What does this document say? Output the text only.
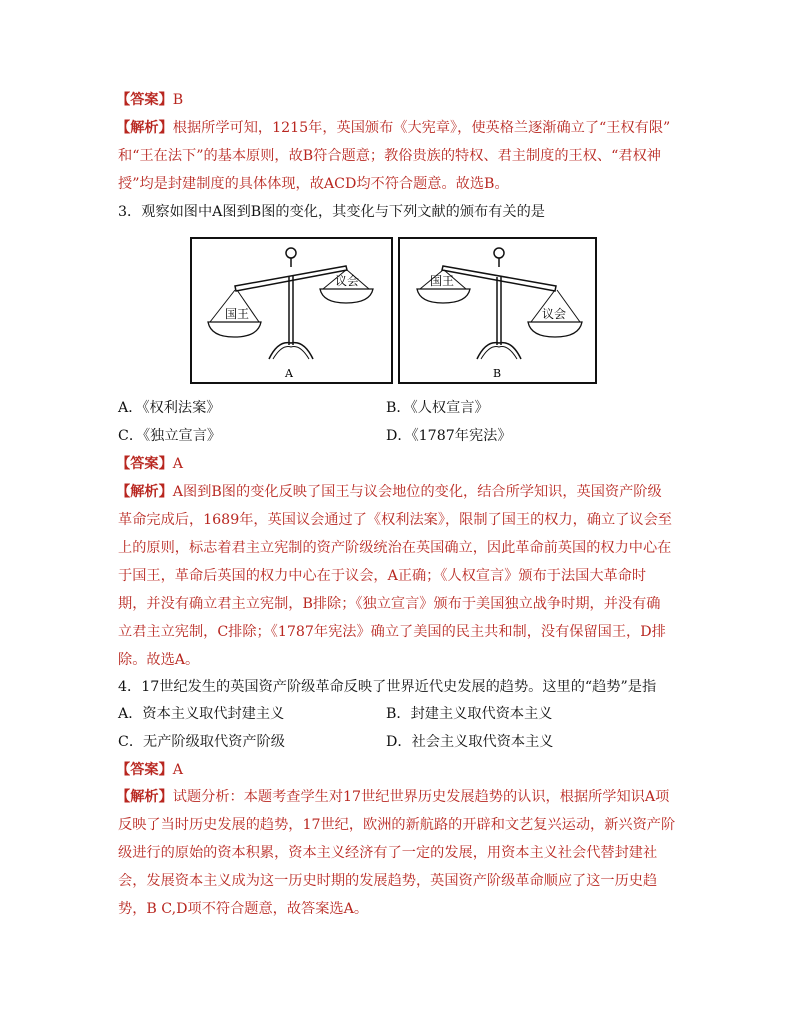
【答案】B
【解析】根据所学可知，1215年，英国颁布《大宪章》，使英格兰逐渐确立了“王权有限”
和“王在法下”的基本原则，故B符合题意；教俗贵族的特权、君主制度的王权、“君权神
授”均是封建制度的具体体现，故ACD均不符合题意。故选B。
3．观察如图中A图到B图的变化，其变化与下列文献的颁布有关的是
国王
议会
A
国王
议会
B
A．《权利法案》	B．《人权宣言》
C．《独立宣言》	D．《1787年宪法》
【答案】A
【解析】A图到B图的变化反映了国王与议会地位的变化，结合所学知识，英国资产阶级
革命完成后，1689年，英国议会通过了《权利法案》，限制了国王的权力，确立了议会至
上的原则，标志着君主立宪制的资产阶级统治在英国确立，因此革命前英国的权力中心在
于国王，革命后英国的权力中心在于议会，A正确；《人权宣言》颁布于法国大革命时
期，并没有确立君主立宪制，B排除；《独立宣言》颁布于美国独立战争时期，并没有确
立君主立宪制，C排除；《1787年宪法》确立了美国的民主共和制，没有保留国王，D排
除。故选A。
4．17世纪发生的英国资产阶级革命反映了世界近代史发展的趋势。这里的“趋势”是指
A．资本主义取代封建主义	B．封建主义取代资本主义
C．无产阶级取代资产阶级	D．社会主义取代资本主义
【答案】A
【解析】试题分析：本题考查学生对17世纪世界历史发展趋势的认识，根据所学知识A项
反映了当时历史发展的趋势，17世纪，欧洲的新航路的开辟和文艺复兴运动，新兴资产阶
级进行的原始的资本积累，资本主义经济有了一定的发展，用资本主义社会代替封建社
会，发展资本主义成为这一历史时期的发展趋势，英国资产阶级革命顺应了这一历史趋
势，B C,D项不符合题意，故答案选A。
